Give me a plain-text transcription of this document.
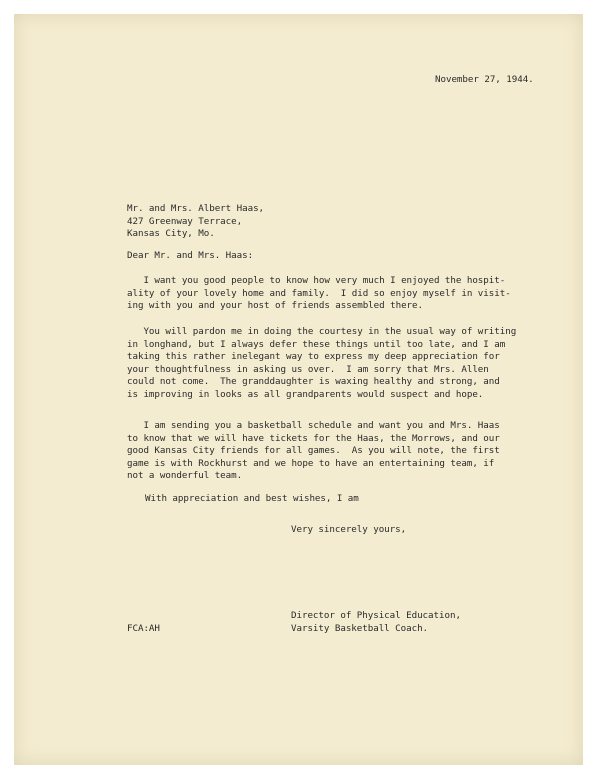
November 27, 1944.
Mr. and Mrs. Albert Haas,
427 Greenway Terrace,
Kansas City, Mo.
Dear Mr. and Mrs. Haas:
I want you good people to know how very much I enjoyed the hospit-
ality of your lovely home and family.  I did so enjoy myself in visit-
ing with you and your host of friends assembled there.
You will pardon me in doing the courtesy in the usual way of writing
in longhand, but I always defer these things until too late, and I am
taking this rather inelegant way to express my deep appreciation for
your thoughtfulness in asking us over.  I am sorry that Mrs. Allen
could not come.  The granddaughter is waxing healthy and strong, and
is improving in looks as all grandparents would suspect and hope.
I am sending you a basketball schedule and want you and Mrs. Haas
to know that we will have tickets for the Haas, the Morrows, and our
good Kansas City friends for all games.  As you will note, the first
game is with Rockhurst and we hope to have an entertaining team, if
not a wonderful team.
With appreciation and best wishes, I am
Very sincerely yours,
Director of Physical Education,
Varsity Basketball Coach.
FCA:AH
